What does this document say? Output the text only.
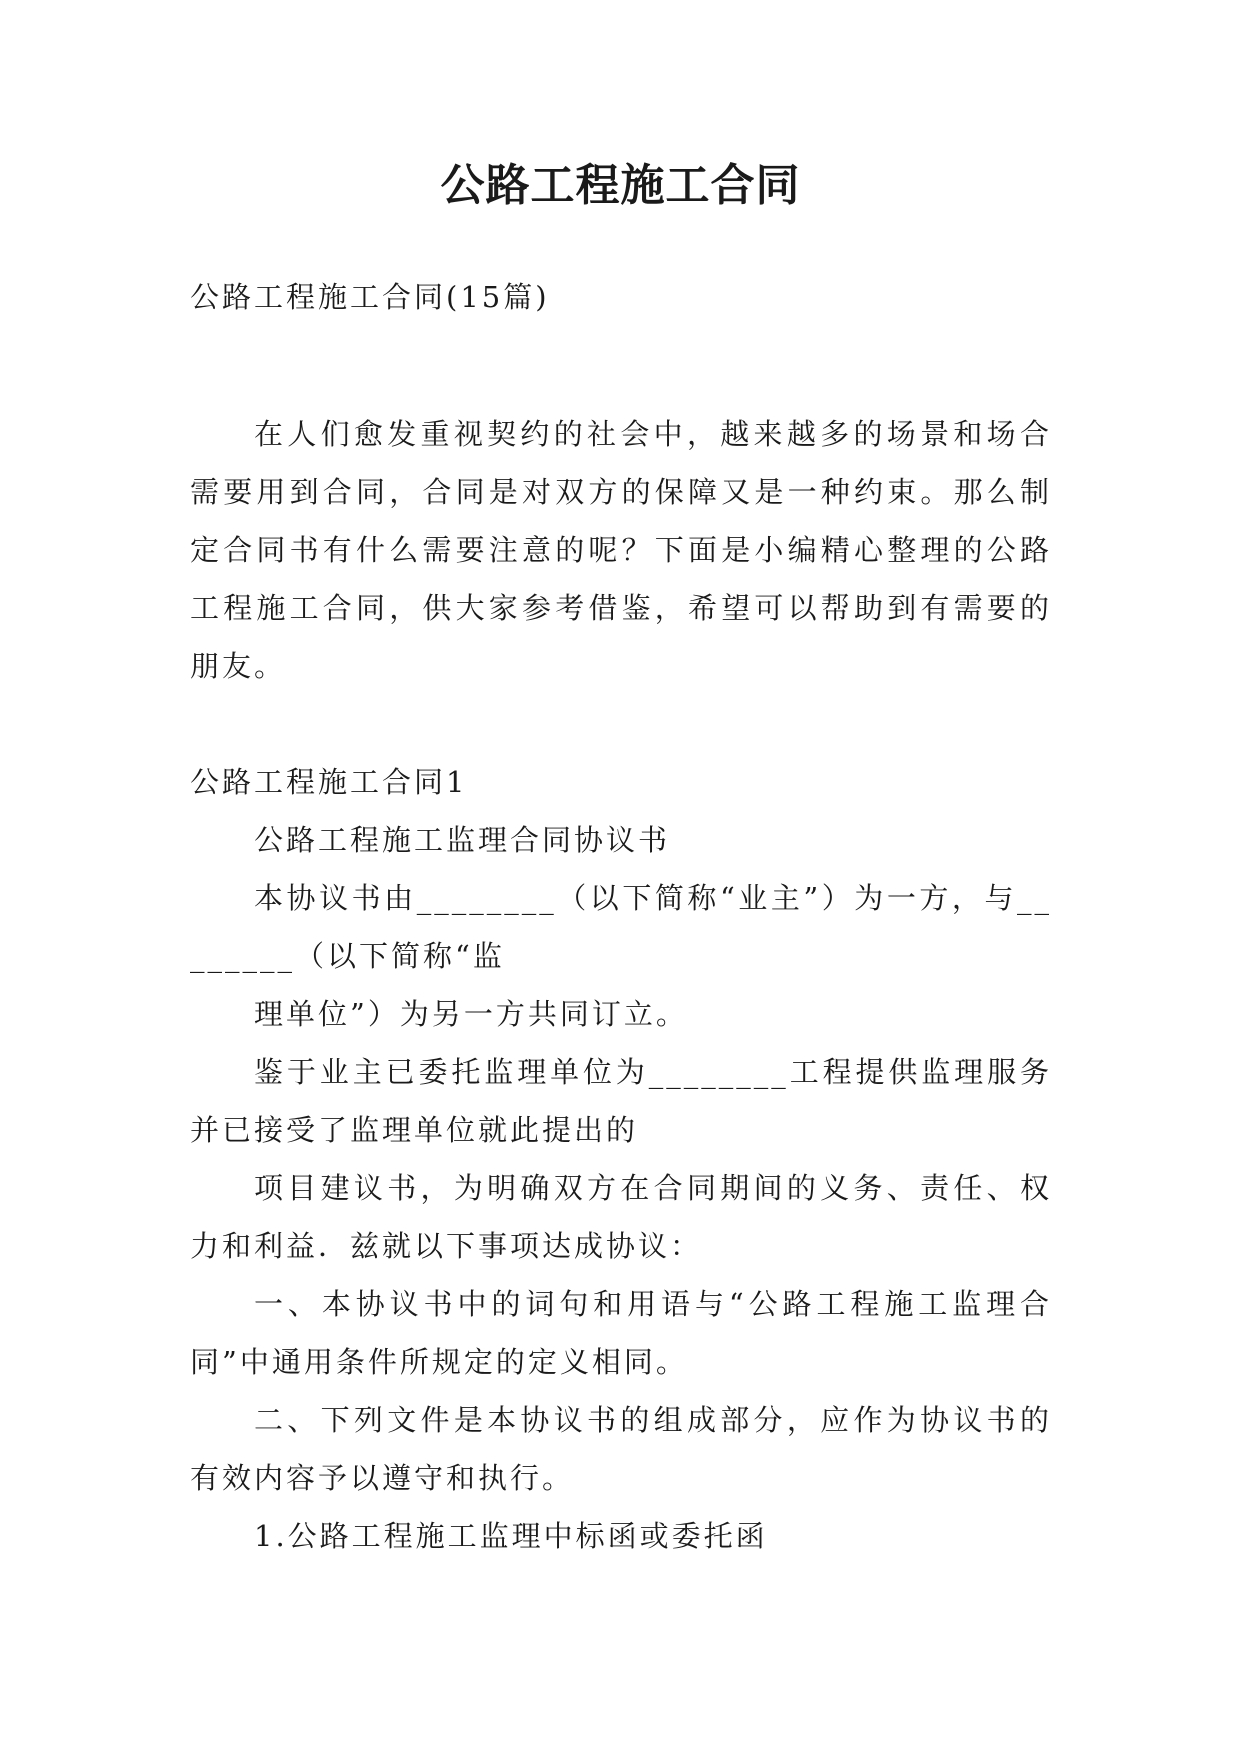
公路工程施工合同

公路工程施工合同(15篇)

在人们愈发重视契约的社会中，越来越多的场景和场合需要用到合同，合同是对双方的保障又是一种约束。那么制定合同书有什么需要注意的呢？下面是小编精心整理的公路工程施工合同，供大家参考借鉴，希望可以帮助到有需要的朋友。

公路工程施工合同1

公路工程施工监理合同协议书

本协议书由________（以下简称“业主”）为一方，与________（以下简称“监

理单位”）为另一方共同订立。

鉴于业主已委托监理单位为________工程提供监理服务并已接受了监理单位就此提出的

项目建议书，为明确双方在合同期间的义务、责任、权力和利益．兹就以下事项达成协议：

一、本协议书中的词句和用语与“公路工程施工监理合同”中通用条件所规定的定义相同。

二、下列文件是本协议书的组成部分，应作为协议书的有效内容予以遵守和执行。

1.公路工程施工监理中标函或委托函
